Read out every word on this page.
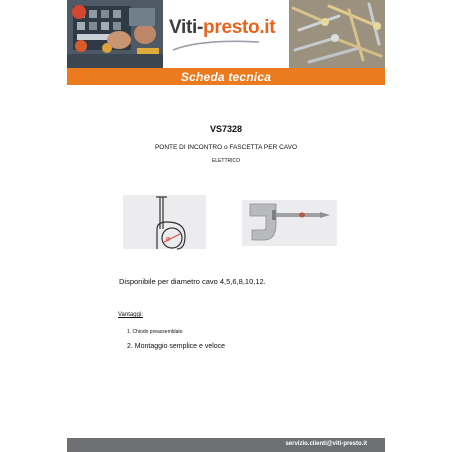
Viti-presto.it
Scheda tecnica
VS7328
PONTE DI INCONTRO o FASCETTA PER CAVO
ELETTRICO
Ø
Disponibile per diametro cavo 4,5,6,8,10,12.
Vantaggi:
1. Chiodo preassemblato
2. Montaggio semplice e veloce
servizio.clienti@viti-presto.it
